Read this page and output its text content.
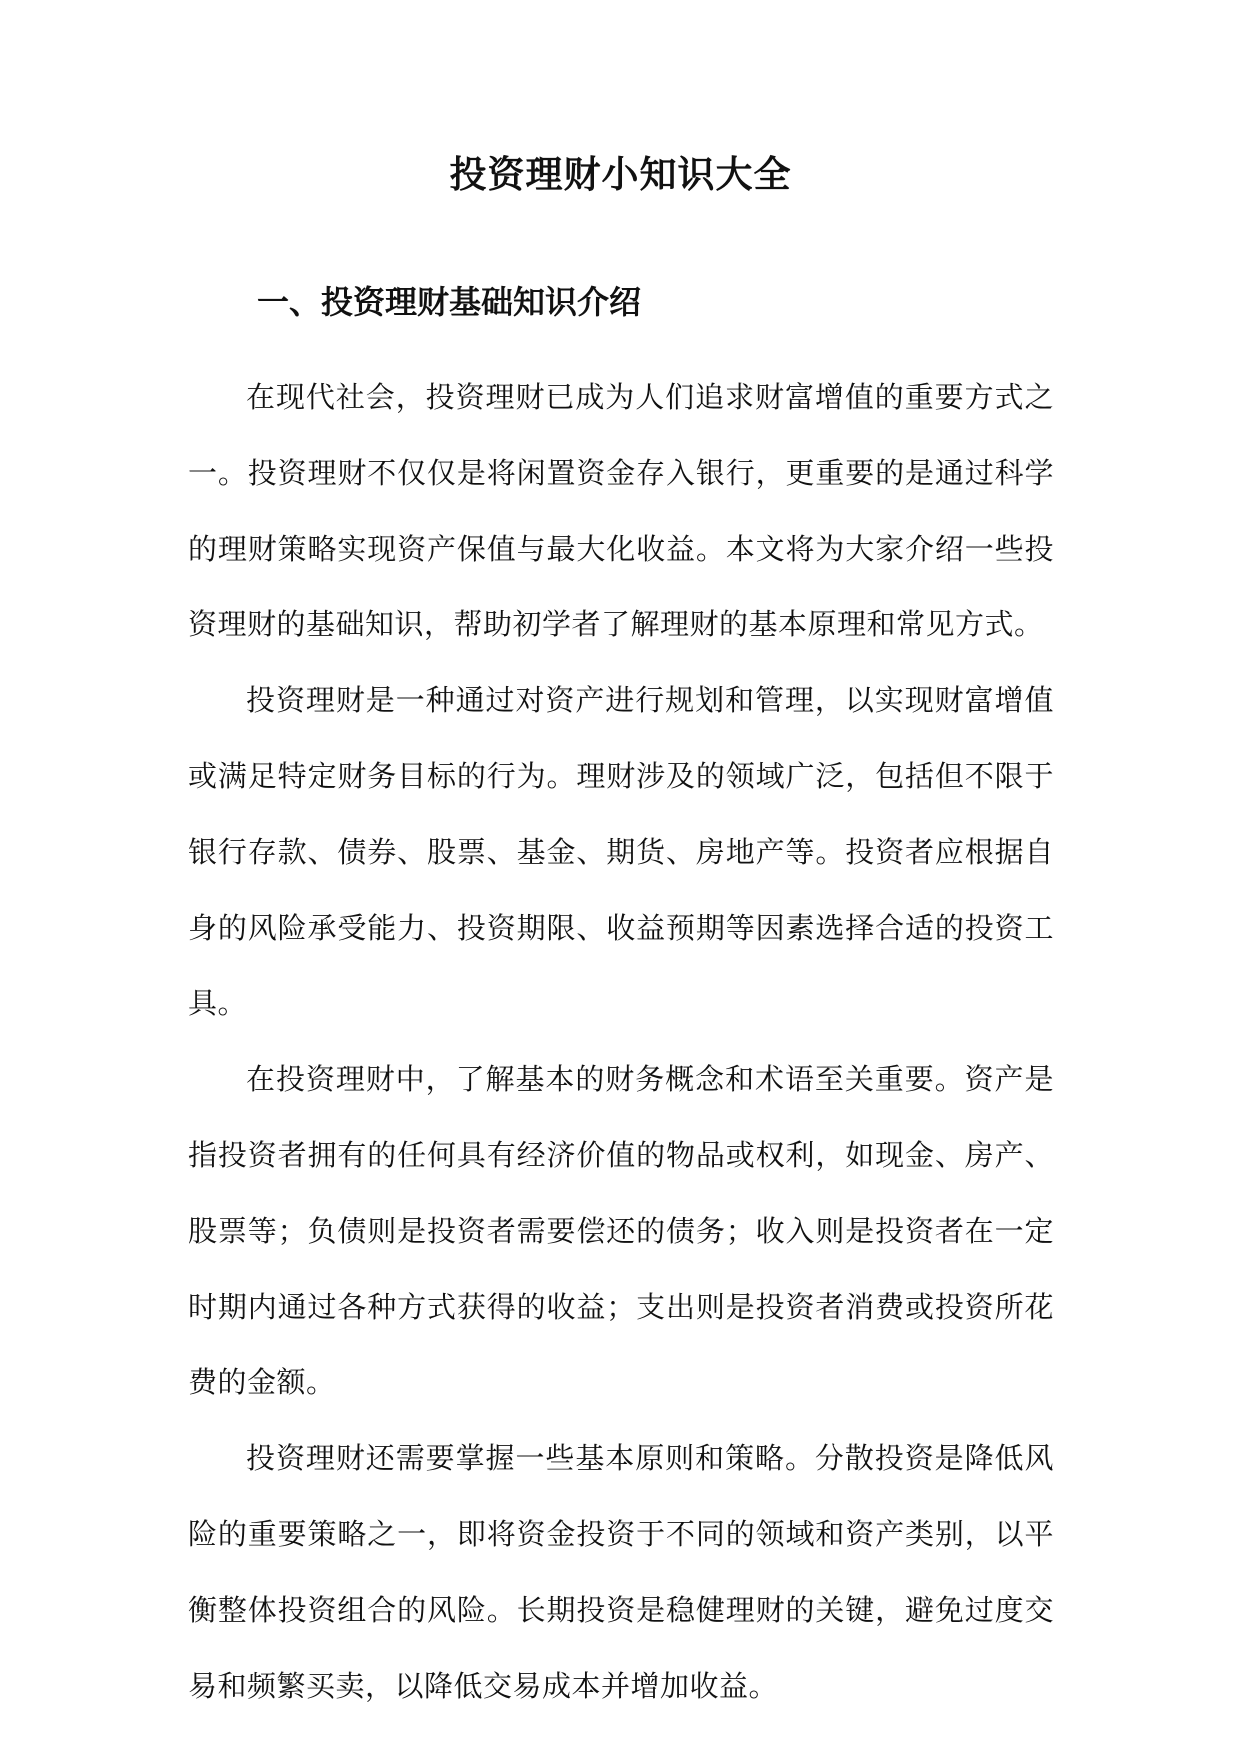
投资理财小知识大全
一、投资理财基础知识介绍

在现代社会，投资理财已成为人们追求财富增值的重要方式之一。投资理财不仅仅是将闲置资金存入银行，更重要的是通过科学的理财策略实现资产保值与最大化收益。本文将为大家介绍一些投资理财的基础知识，帮助初学者了解理财的基本原理和常见方式。

投资理财是一种通过对资产进行规划和管理，以实现财富增值或满足特定财务目标的行为。理财涉及的领域广泛，包括但不限于银行存款、债券、股票、基金、期货、房地产等。投资者应根据自身的风险承受能力、投资期限、收益预期等因素选择合适的投资工具。

在投资理财中，了解基本的财务概念和术语至关重要。资产是指投资者拥有的任何具有经济价值的物品或权利，如现金、房产、股票等；负债则是投资者需要偿还的债务；收入则是投资者在一定时期内通过各种方式获得的收益；支出则是投资者消费或投资所花费的金额。

投资理财还需要掌握一些基本原则和策略。分散投资是降低风险的重要策略之一，即将资金投资于不同的领域和资产类别，以平衡整体投资组合的风险。长期投资是稳健理财的关键，避免过度交易和频繁买卖，以降低交易成本并增加收益。
